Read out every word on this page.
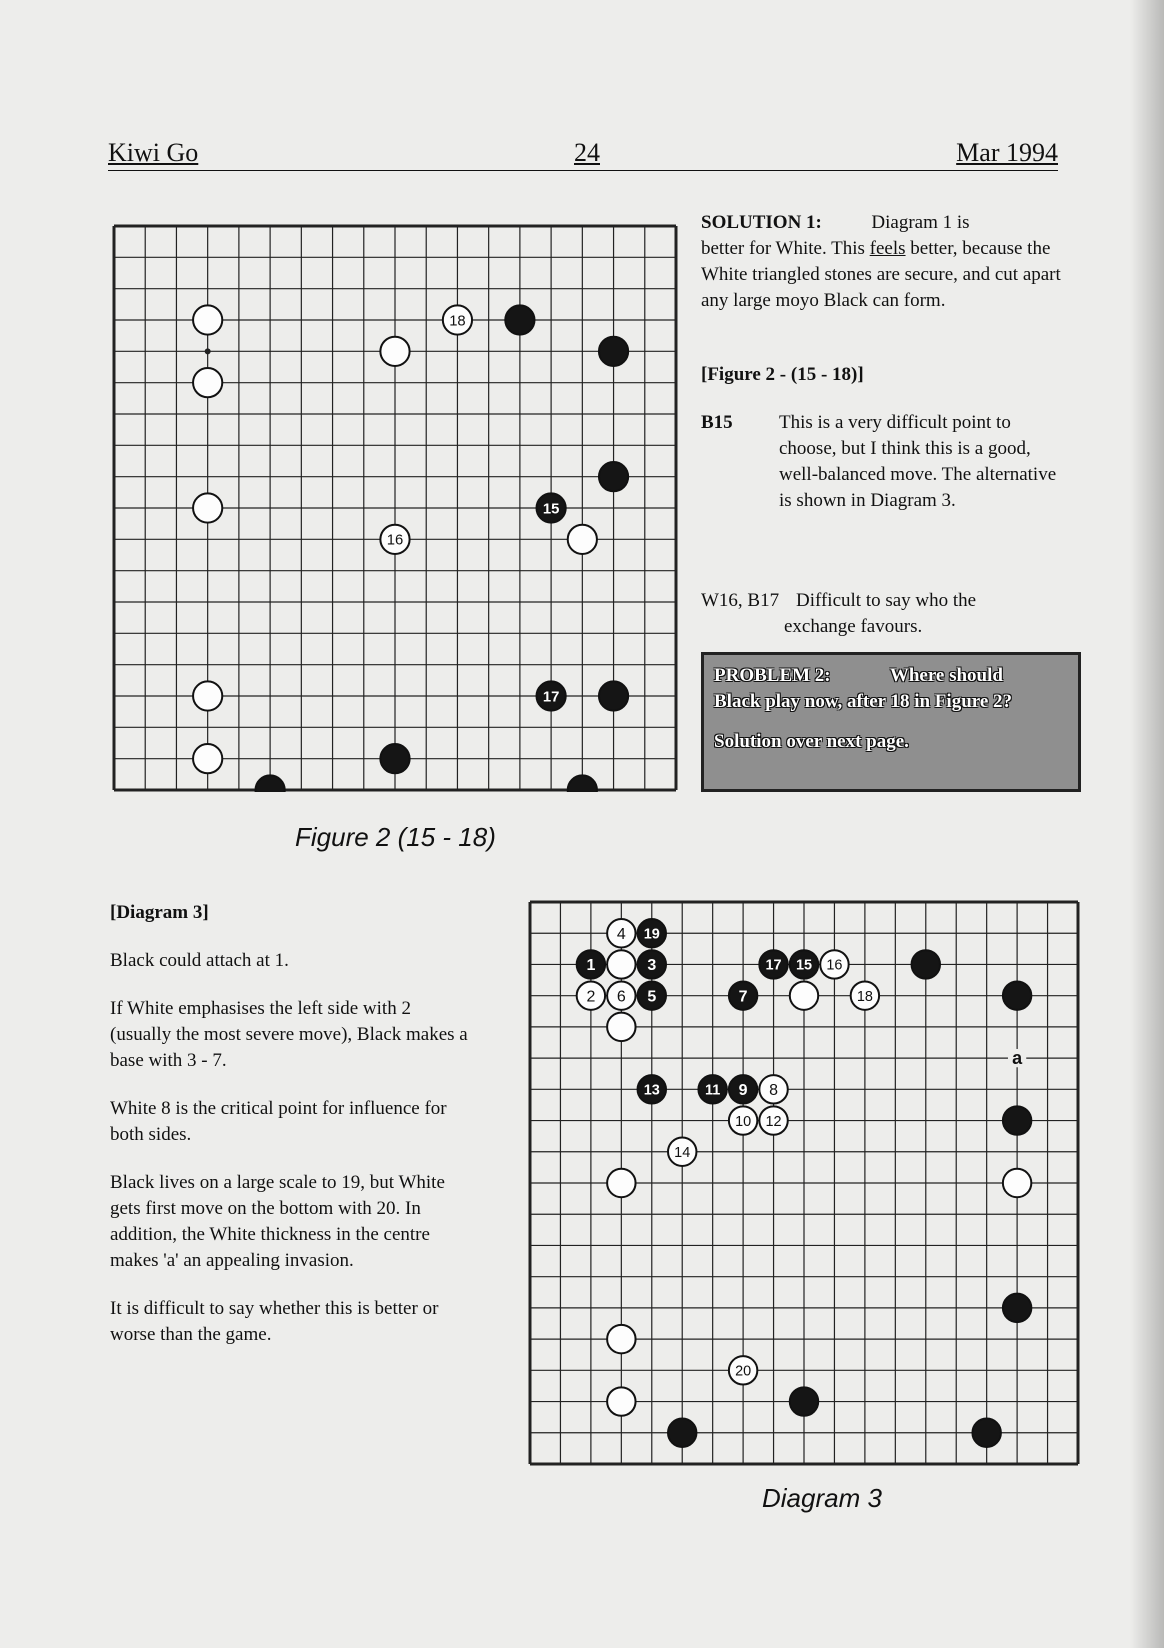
Kiwi Go	24	Mar 1994
18
16
15
17
Figure 2 (15 - 18)
SOLUTION 1:	Diagram 1 is
better for White. This feels better, because the White triangled stones are secure, and cut apart any large moyo Black can form.
[Figure 2 - (15 - 18)]
B15 This is a very difficult point to choose, but I think this is a good, well-balanced move. The alternative is shown in Diagram 3.
W16, B17 Difficult to say who the exchange favours.
PROBLEM 2:	Where should
Black play now, after 18 in Figure 2?
Solution over next page.

[Diagram 3]

Black could attach at 1.

If White emphasises the left side with 2 (usually the most severe move), Black makes a base with 3 - 7.

White 8 is the critical point for influence for both sides.

Black lives on a large scale to 19, but White gets first move on the bottom with 20. In addition, the White thickness in the centre makes 'a' an appealing invasion.

It is difficult to say whether this is better or worse than the game.

a
4 19
1	3
2 6 5
13	11 9 8
10 12
14
7
17 15 16
18
20
Diagram 3
